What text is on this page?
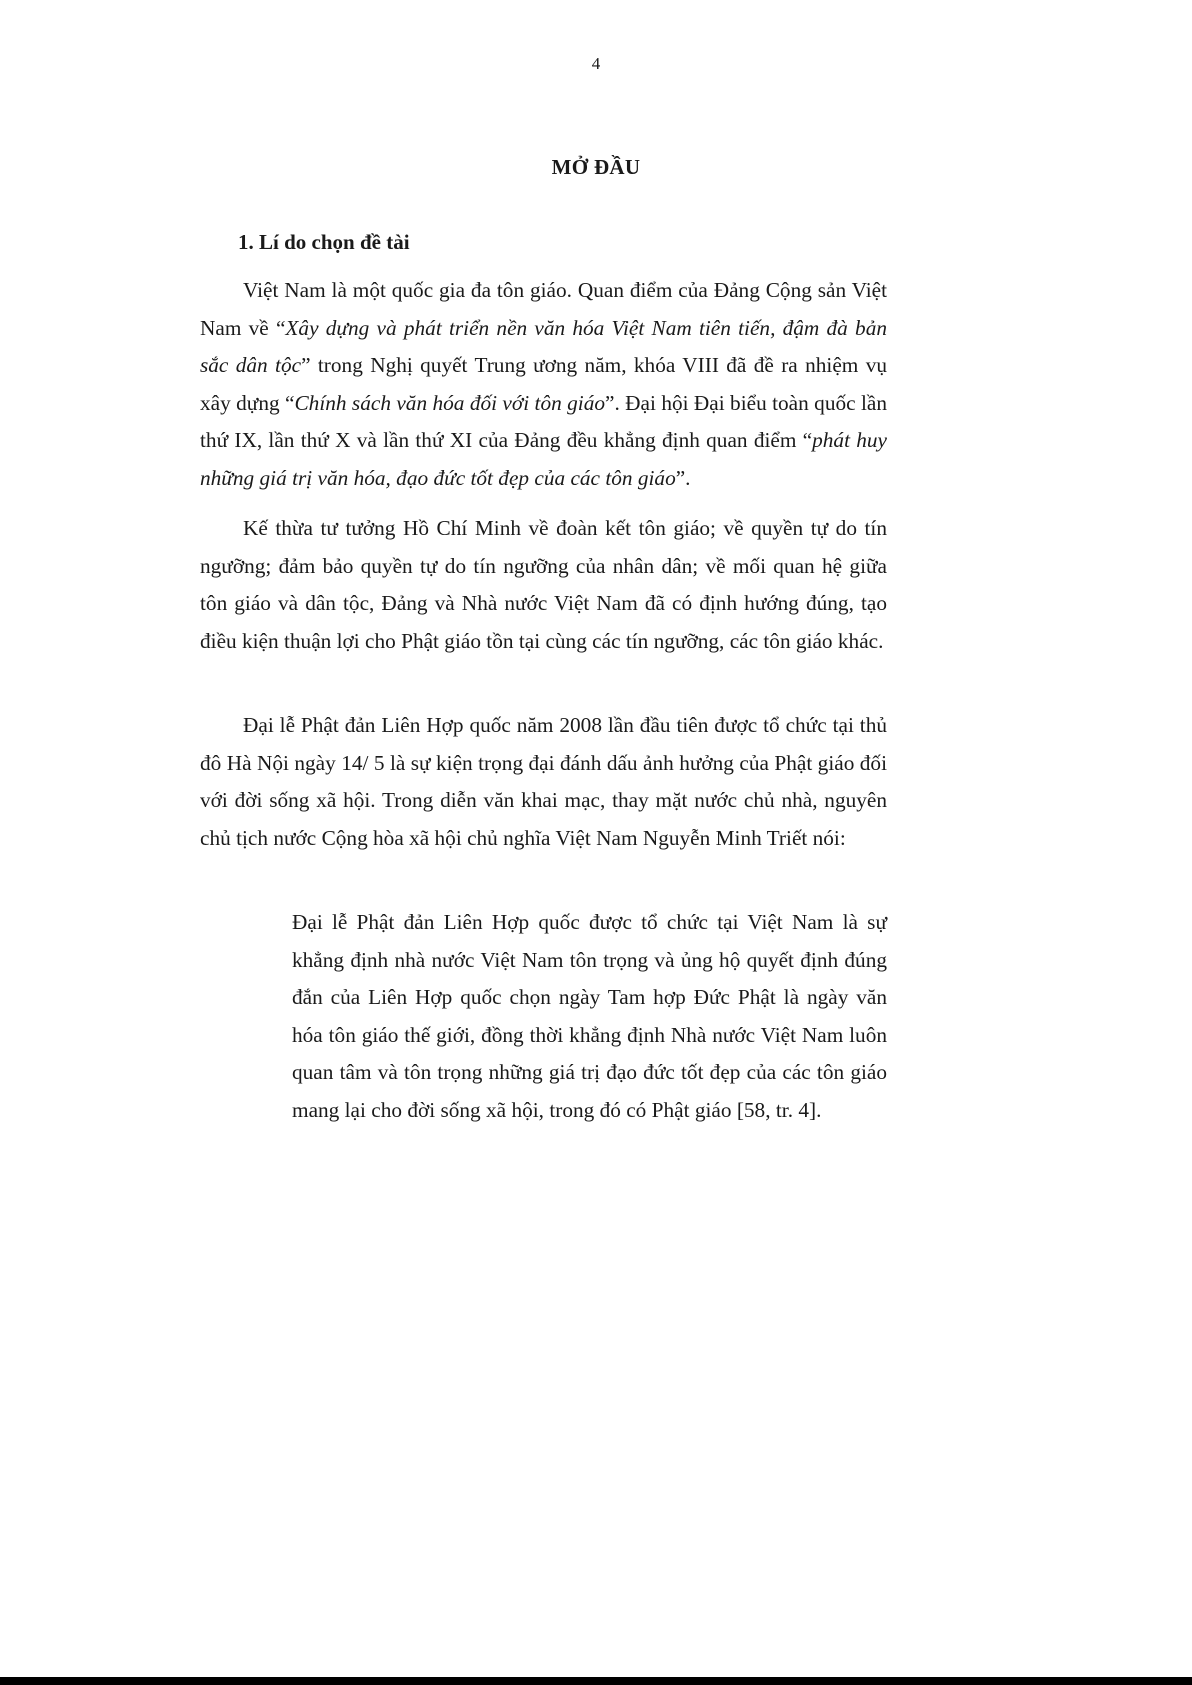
4
MỞ ĐẦU
1. Lí do chọn đề tài

Việt Nam là một quốc gia đa tôn giáo. Quan điểm của Đảng Cộng sản Việt Nam về “Xây dựng và phát triển nền văn hóa Việt Nam tiên tiến, đậm đà bản sắc dân tộc” trong Nghị quyết Trung ương năm, khóa VIII đã đề ra nhiệm vụ xây dựng “Chính sách văn hóa đối với tôn giáo”. Đại hội Đại biểu toàn quốc lần thứ IX, lần thứ X và lần thứ XI của Đảng đều khẳng định quan điểm “phát huy những giá trị văn hóa, đạo đức tốt đẹp của các tôn giáo”.

Kế thừa tư tưởng Hồ Chí Minh về đoàn kết tôn giáo; về quyền tự do tín ngưỡng; đảm bảo quyền tự do tín ngưỡng của nhân dân; về mối quan hệ giữa tôn giáo và dân tộc, Đảng và Nhà nước Việt Nam đã có định hướng đúng, tạo điều kiện thuận lợi cho Phật giáo tồn tại cùng các tín ngưỡng, các tôn giáo khác.

Đại lễ Phật đản Liên Hợp quốc năm 2008 lần đầu tiên được tổ chức tại thủ đô Hà Nội ngày 14/ 5 là sự kiện trọng đại đánh dấu ảnh hưởng của Phật giáo đối với đời sống xã hội. Trong diễn văn khai mạc, thay mặt nước chủ nhà, nguyên chủ tịch nước Cộng hòa xã hội chủ nghĩa Việt Nam Nguyễn Minh Triết nói:

Đại lễ Phật đản Liên Hợp quốc được tổ chức tại Việt Nam là sự khẳng định nhà nước Việt Nam tôn trọng và ủng hộ quyết định đúng đắn của Liên Hợp quốc chọn ngày Tam hợp Đức Phật là ngày văn hóa tôn giáo thế giới, đồng thời khẳng định Nhà nước Việt Nam luôn quan tâm và tôn trọng những giá trị đạo đức tốt đẹp của các tôn giáo mang lại cho đời sống xã hội, trong đó có Phật giáo [58, tr. 4].
